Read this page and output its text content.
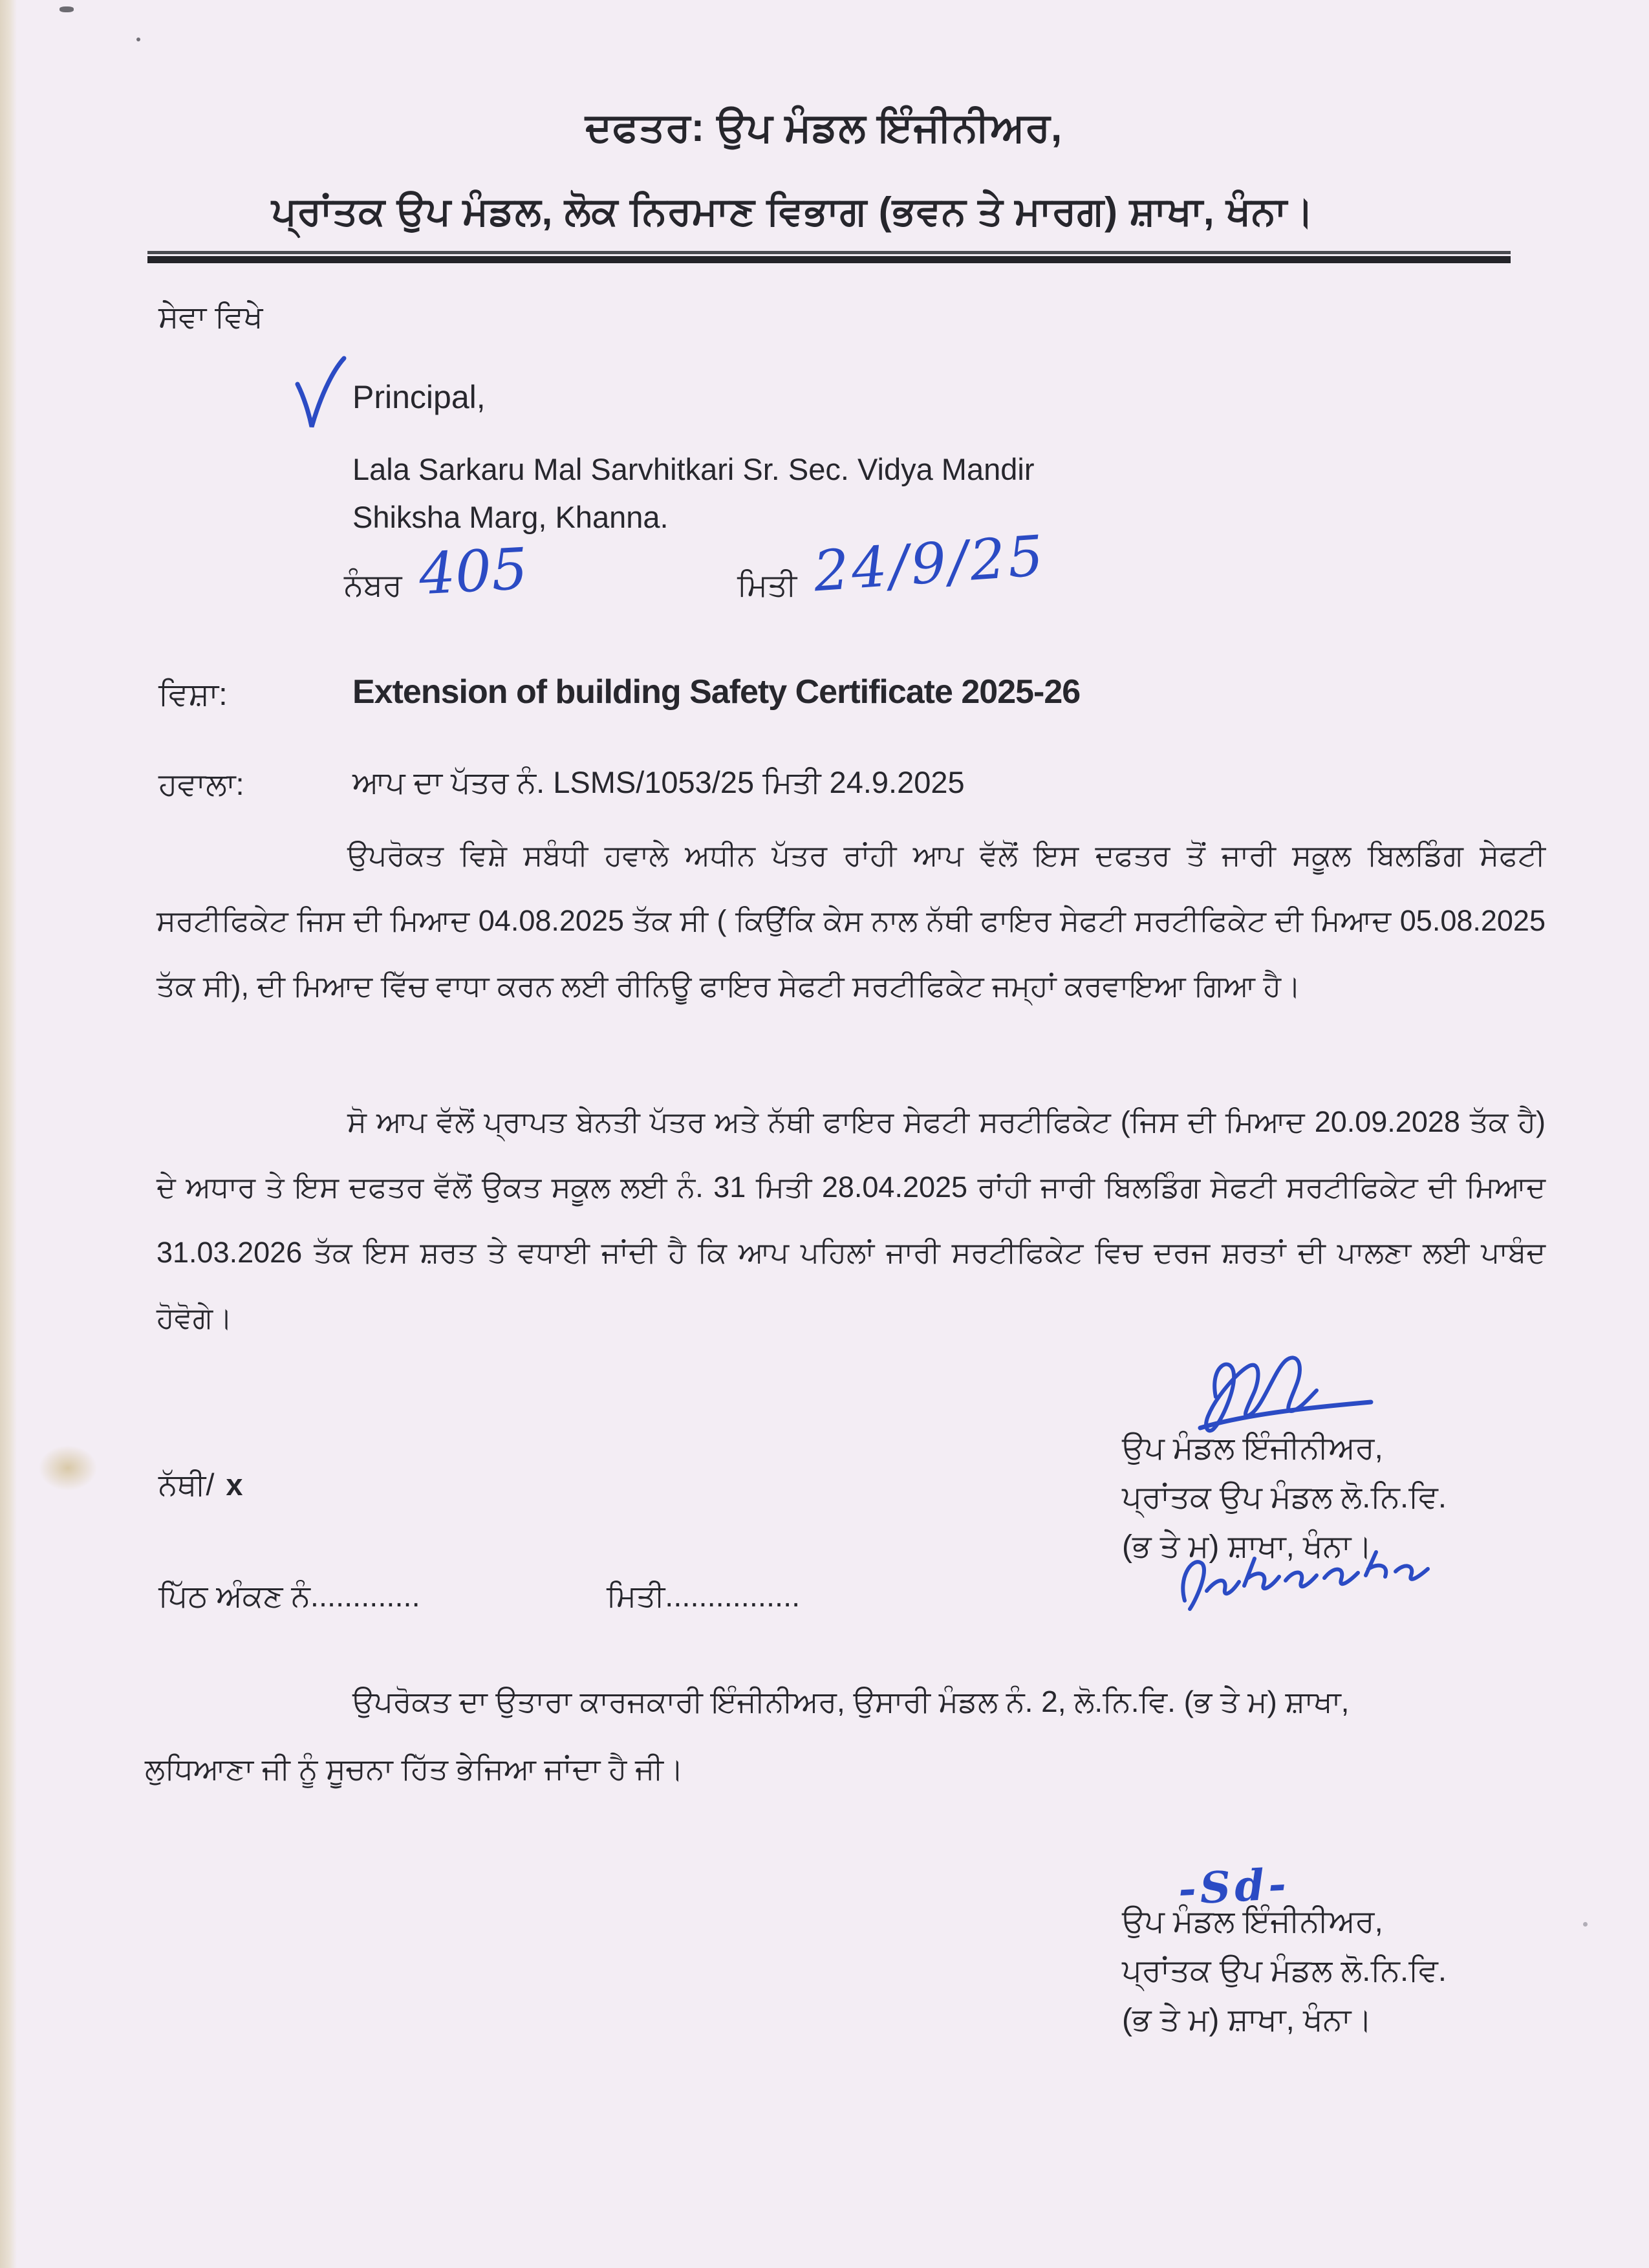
ਦਫਤਰ: ਉਪ ਮੰਡਲ ਇੰਜੀਨੀਅਰ,
ਪ੍ਰਾਂਤਕ ਉਪ ਮੰਡਲ, ਲੋਕ ਨਿਰਮਾਣ ਵਿਭਾਗ (ਭਵਨ ਤੇ ਮਾਰਗ) ਸ਼ਾਖਾ, ਖੰਨਾ।
ਸੇਵਾ ਵਿਖੇ
Principal,
Lala Sarkaru Mal Sarvhitkari Sr. Sec. Vidya Mandir
Shiksha Marg, Khanna.
ਨੰਬਰ 405	ਮਿਤੀ 24/9/25
ਵਿਸ਼ਾ:	Extension of building Safety Certificate 2025-26
ਹਵਾਲਾ:	ਆਪ ਦਾ ਪੱਤਰ ਨੰ. LSMS/1053/25 ਮਿਤੀ 24.9.2025
ਉਪਰੋਕਤ ਵਿਸ਼ੇ ਸਬੰਧੀ ਹਵਾਲੇ ਅਧੀਨ ਪੱਤਰ ਰਾਂਹੀ ਆਪ ਵੱਲੋਂ ਇਸ ਦਫਤਰ ਤੋਂ ਜਾਰੀ ਸਕੂਲ ਬਿਲਡਿੰਗ ਸੇਫਟੀ ਸਰਟੀਫਿਕੇਟ ਜਿਸ ਦੀ ਮਿਆਦ 04.08.2025 ਤੱਕ ਸੀ ( ਕਿਉਂਕਿ ਕੇਸ ਨਾਲ ਨੱਥੀ ਫਾਇਰ ਸੇਫਟੀ ਸਰਟੀਫਿਕੇਟ ਦੀ ਮਿਆਦ 05.08.2025 ਤੱਕ ਸੀ), ਦੀ ਮਿਆਦ ਵਿੱਚ ਵਾਧਾ ਕਰਨ ਲਈ ਰੀਨਿਊ ਫਾਇਰ ਸੇਫਟੀ ਸਰਟੀਫਿਕੇਟ ਜਮ੍ਹਾਂ ਕਰਵਾਇਆ ਗਿਆ ਹੈ।
ਸੋ ਆਪ ਵੱਲੋਂ ਪ੍ਰਾਪਤ ਬੇਨਤੀ ਪੱਤਰ ਅਤੇ ਨੱਥੀ ਫਾਇਰ ਸੇਫਟੀ ਸਰਟੀਫਿਕੇਟ (ਜਿਸ ਦੀ ਮਿਆਦ 20.09.2028 ਤੱਕ ਹੈ) ਦੇ ਅਧਾਰ ਤੇ ਇਸ ਦਫਤਰ ਵੱਲੋਂ ਉਕਤ ਸਕੂਲ ਲਈ ਨੰ. 31 ਮਿਤੀ 28.04.2025 ਰਾਂਹੀ ਜਾਰੀ ਬਿਲਡਿੰਗ ਸੇਫਟੀ ਸਰਟੀਫਿਕੇਟ ਦੀ ਮਿਆਦ 31.03.2026 ਤੱਕ ਇਸ ਸ਼ਰਤ ਤੇ ਵਧਾਈ ਜਾਂਦੀ ਹੈ ਕਿ ਆਪ ਪਹਿਲਾਂ ਜਾਰੀ ਸਰਟੀਫਿਕੇਟ ਵਿਚ ਦਰਜ ਸ਼ਰਤਾਂ ਦੀ ਪਾਲਣਾ ਲਈ ਪਾਬੰਦ ਹੋਵੋਗੇ।
ਉਪ ਮੰਡਲ ਇੰਜੀਨੀਅਰ,
ਪ੍ਰਾਂਤਕ ਉਪ ਮੰਡਲ ਲੋ.ਨਿ.ਵਿ.
(ਭ ਤੇ ਮ) ਸ਼ਾਖਾ, ਖੰਨਾ।
ਨੱਥੀ/ x
ਪਿੱਠ ਅੰਕਣ ਨੰ.............	ਮਿਤੀ................
ਉਪਰੋਕਤ ਦਾ ਉਤਾਰਾ ਕਾਰਜਕਾਰੀ ਇੰਜੀਨੀਅਰ, ਉਸਾਰੀ ਮੰਡਲ ਨੰ. 2, ਲੋ.ਨਿ.ਵਿ. (ਭ ਤੇ ਮ) ਸ਼ਾਖਾ,
ਲੁਧਿਆਣਾ ਜੀ ਨੂੰ ਸੂਚਨਾ ਹਿੱਤ ਭੇਜਿਆ ਜਾਂਦਾ ਹੈ ਜੀ।
-Sd-
ਉਪ ਮੰਡਲ ਇੰਜੀਨੀਅਰ,
ਪ੍ਰਾਂਤਕ ਉਪ ਮੰਡਲ ਲੋ.ਨਿ.ਵਿ.
(ਭ ਤੇ ਮ) ਸ਼ਾਖਾ, ਖੰਨਾ।
